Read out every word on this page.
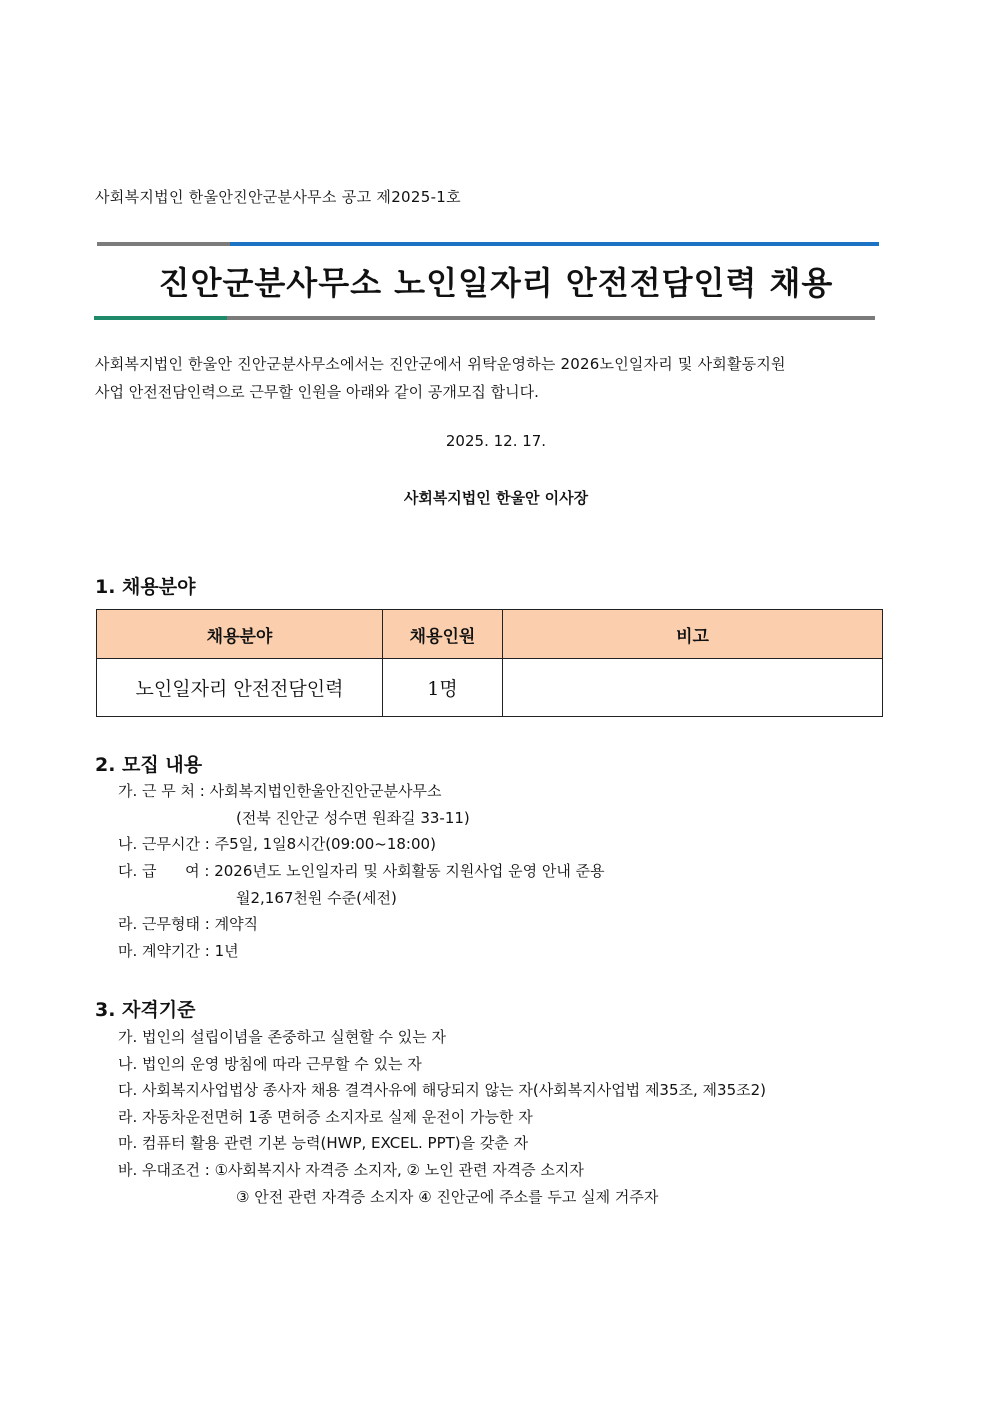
사회복지법인 한울안진안군분사무소 공고 제2025-1호
진안군분사무소 노인일자리 안전전담인력 채용
사회복지법인 한울안 진안군분사무소에서는 진안군에서 위탁운영하는 2026노인일자리 및 사회활동지원
사업 안전전담인력으로 근무할 인원을 아래와 같이 공개모집 합니다.
2025. 12. 17.
사회복지법인 한울안 이사장
1. 채용분야
채용분야	채용인원	비고
노인일자리 안전전담인력	1명	
2. 모집 내용
가. 근 무 처 : 사회복지법인한울안진안군분사무소
(전북 진안군 성수면 원좌길 33-11)
나. 근무시간 : 주5일, 1일8시간(09:00~18:00)
다. 급      여 : 2026년도 노인일자리 및 사회활동 지원사업 운영 안내 준용
월2,167천원 수준(세전)
라. 근무형태 : 계약직
마. 계약기간 : 1년
3. 자격기준
가. 법인의 설립이념을 존중하고 실현할 수 있는 자
나. 법인의 운영 방침에 따라 근무할 수 있는 자
다. 사회복지사업법상 종사자 채용 결격사유에 해당되지 않는 자(사회복지사업법 제35조, 제35조2)
라. 자동차운전면허 1종 면허증 소지자로 실제 운전이 가능한 자
마. 컴퓨터 활용 관련 기본 능력(HWP, EXCEL. PPT)을 갖춘 자
바. 우대조건 : ①사회복지사 자격증 소지자, ② 노인 관련 자격증 소지자
③ 안전 관련 자격증 소지자 ④ 진안군에 주소를 두고 실제 거주자
